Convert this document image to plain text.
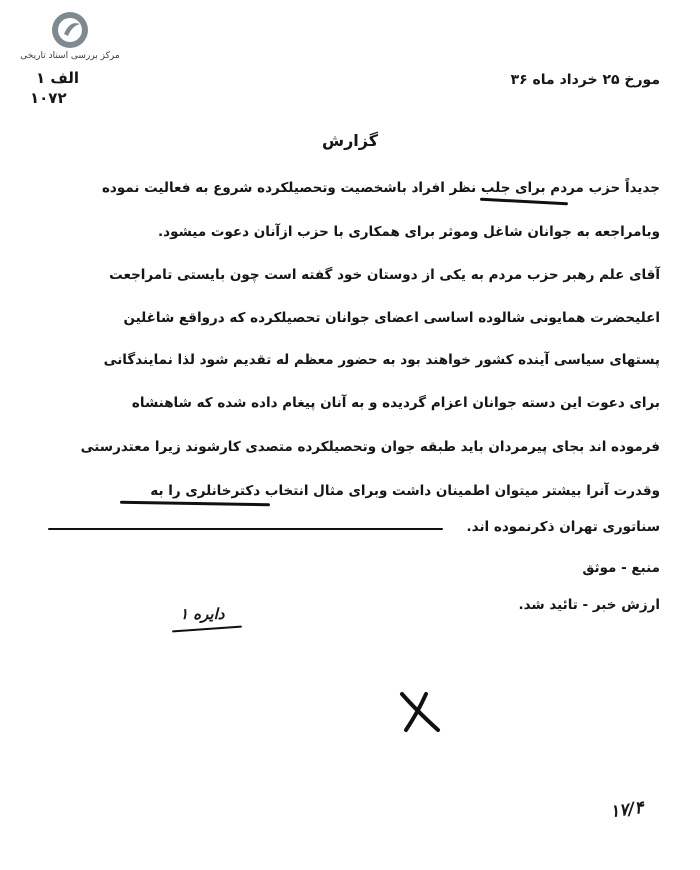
مرکز بررسی اسناد تاریخی
الف ۱
۱۰۷۲
مورخ ۲۵ خرداد ماه ۳۶
گزارش
جدیداً حزب مردم برای جلب نظر افراد باشخصیت وتحصیلکرده شروع به فعالیت نموده
وبامراجعه به جوانان شاغل وموثر برای همکاری با حزب ازآنان دعوت میشود.
آقای علم رهبر حزب مردم به یکی از دوستان خود گفته است چون بایستی تامراجعت
اعلیحضرت همایونی شالوده اساسی اعضای جوانان تحصیلکرده که درواقع شاغلین
پستهای سیاسی آینده کشور خواهند بود به حضور معظم له تقدیم شود لذا نمایندگانی
برای دعوت این دسته جوانان اعزام گردیده و به آنان پیغام داده شده که شاهنشاه
فرموده اند بجای پیرمردان باید طبقه جوان وتحصیلکرده متصدی کارشوند زیرا معتدرستی
وقدرت آنرا بیشتر میتوان اطمینان داشت وبرای مثال انتخاب دکترخانلری را به
سناتوری تهران ذکرنموده اند.
منبع - موثق
ارزش خبر - تائید شد.
دایره ۱
۱۷/۴
